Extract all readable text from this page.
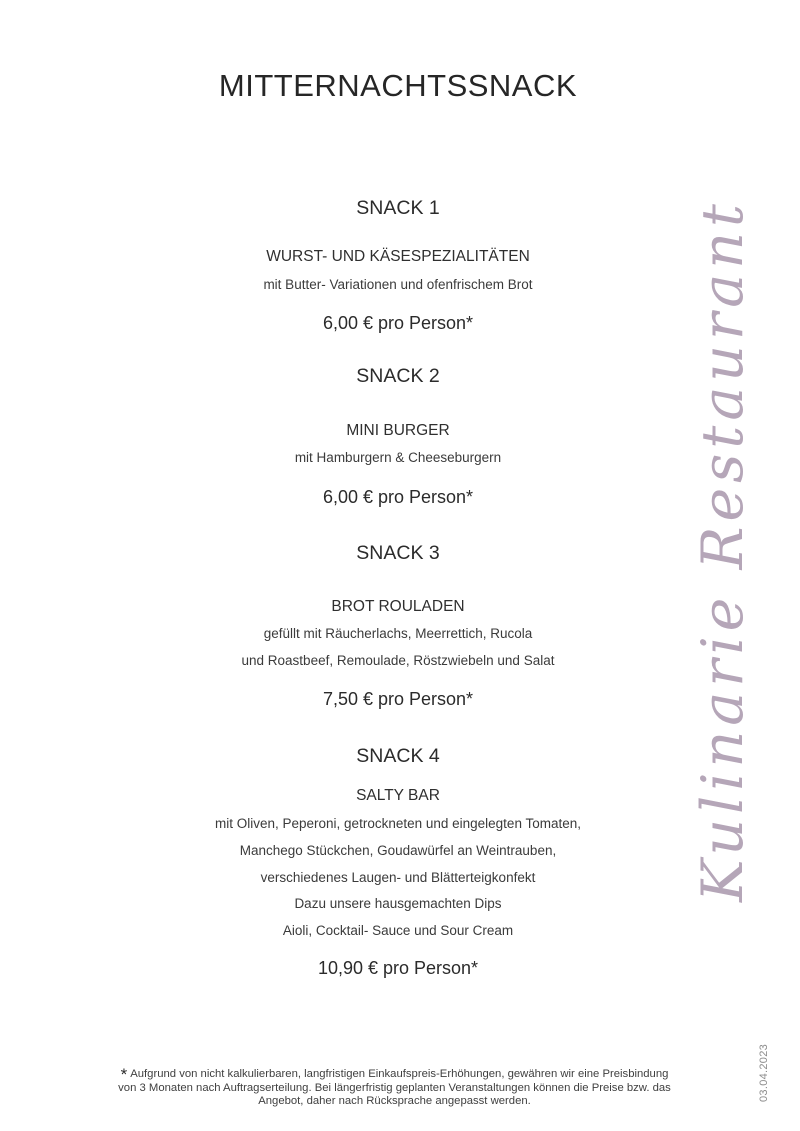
MITTERNACHTSSNACK
SNACK 1
WURST- UND KÄSESPEZIALITÄTEN
mit Butter- Variationen und ofenfrischem Brot
6,00 € pro Person*
SNACK 2
MINI BURGER
mit Hamburgern & Cheeseburgern
6,00 € pro Person*
SNACK 3
BROT ROULADEN
gefüllt mit Räucherlachs, Meerrettich, Rucola
und Roastbeef, Remoulade, Röstzwiebeln und Salat
7,50 € pro Person*
SNACK 4
SALTY BAR
mit Oliven, Peperoni, getrockneten und eingelegten Tomaten,
Manchego Stückchen, Goudawürfel an Weintrauben,
verschiedenes Laugen- und Blätterteigkonfekt
Dazu unsere hausgemachten Dips
Aioli, Cocktail- Sauce und Sour Cream
10,90 € pro Person*
* Aufgrund von nicht kalkulierbaren, langfristigen Einkaufspreis-Erhöhungen, gewähren wir eine Preisbindung von 3 Monaten nach Auftragserteilung. Bei längerfristig geplanten Veranstaltungen können die Preise bzw. das Angebot, daher nach Rücksprache angepasst werden.
Kulinarie Restaurant
03.04.2023
